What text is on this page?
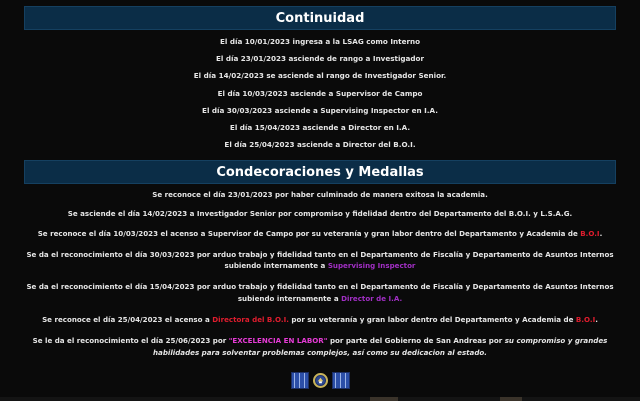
Continuidad
El día 10/01/2023 ingresa a la LSAG como Interno
El día 23/01/2023 asciende de rango a Investigador
El día 14/02/2023 se asciende al rango de Investigador Senior.
El día 10/03/2023 asciende a Supervisor de Campo
El día 30/03/2023 asciende a Supervising Inspector en I.A.
El día 15/04/2023 asciende a Director en I.A.
El día 25/04/2023 asciende a Director del B.O.I.
Condecoraciones y Medallas

Se reconoce el día 23/01/2023 por haber culminado de manera exitosa la academia.

Se asciende el día 14/02/2023 a Investigador Senior por compromiso y fidelidad dentro del Departamento del B.O.I. y L.S.A.G.

Se reconoce el día 10/03/2023 el acenso a Supervisor de Campo por su veteranía y gran labor dentro del Departamento y Academia de B.O.I.

Se da el reconocimiento el día 30/03/2023 por arduo trabajo y fidelidad tanto en el Departamento de Fiscalía y Departamento de Asuntos Internos subiendo internamente a Supervising Inspector

Se da el reconocimiento el día 15/04/2023 por arduo trabajo y fidelidad tanto en el Departamento de Fiscalía y Departamento de Asuntos Internos subiendo internamente a Director de I.A.

Se reconoce el día 25/04/2023 el acenso a Directora del B.O.I. por su veteranía y gran labor dentro del Departamento y Academia de B.O.I.

Se le da el reconocimiento el día 25/06/2023 por "EXCELENCIA EN LABOR" por parte del Gobierno de San Andreas por su compromiso y grandes habilidades para solventar problemas complejos, así como su dedicacion al estado.
